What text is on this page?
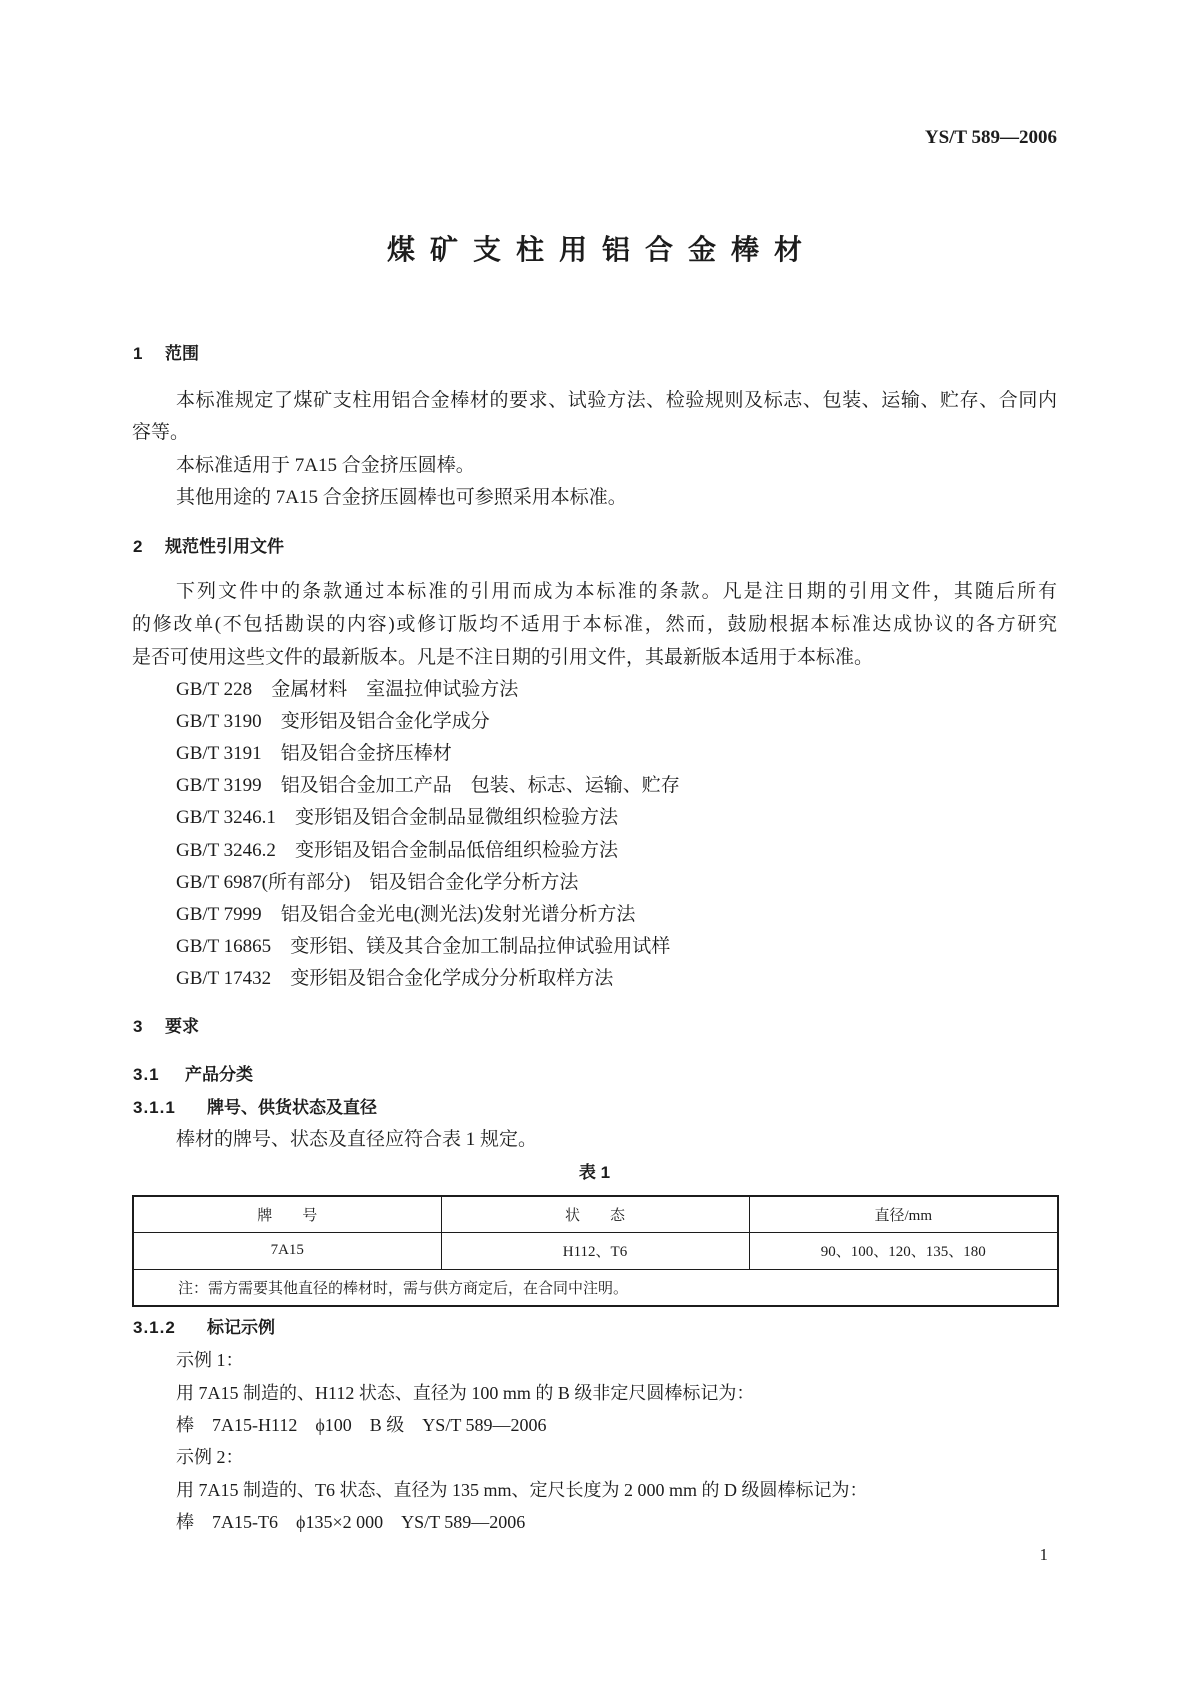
YS/T 589—2006
煤矿支柱用铝合金棒材
1 范围
本标准规定了煤矿支柱用铝合金棒材的要求、试验方法、检验规则及标志、包装、运输、贮存、合同内
容等。
本标准适用于 7A15 合金挤压圆棒。
其他用途的 7A15 合金挤压圆棒也可参照采用本标准。
2 规范性引用文件
下列文件中的条款通过本标准的引用而成为本标准的条款。凡是注日期的引用文件，其随后所有
的修改单(不包括勘误的内容)或修订版均不适用于本标准，然而，鼓励根据本标准达成协议的各方研究
是否可使用这些文件的最新版本。凡是不注日期的引用文件，其最新版本适用于本标准。
GB/T 228 金属材料　室温拉伸试验方法
GB/T 3190 变形铝及铝合金化学成分
GB/T 3191 铝及铝合金挤压棒材
GB/T 3199 铝及铝合金加工产品　包装、标志、运输、贮存
GB/T 3246.1 变形铝及铝合金制品显微组织检验方法
GB/T 3246.2 变形铝及铝合金制品低倍组织检验方法
GB/T 6987(所有部分) 铝及铝合金化学分析方法
GB/T 7999 铝及铝合金光电(测光法)发射光谱分析方法
GB/T 16865 变形铝、镁及其合金加工制品拉伸试验用试样
GB/T 17432 变形铝及铝合金化学成分分析取样方法
3 要求
3.1 产品分类
3.1.1 牌号、供货状态及直径
棒材的牌号、状态及直径应符合表 1 规定。
表 1
牌　　号	状　　态	直径/mm
7A15	H112、T6	90、100、120、135、180
注：需方需要其他直径的棒材时，需与供方商定后，在合同中注明。		
3.1.2 标记示例
示例 1：
用 7A15 制造的、H112 状态、直径为 100 mm 的 B 级非定尺圆棒标记为：
棒　7A15-H112　ϕ100　B 级　YS/T 589—2006
示例 2：
用 7A15 制造的、T6 状态、直径为 135 mm、定尺长度为 2 000 mm 的 D 级圆棒标记为：
棒　7A15-T6　ϕ135×2 000　YS/T 589—2006
1
